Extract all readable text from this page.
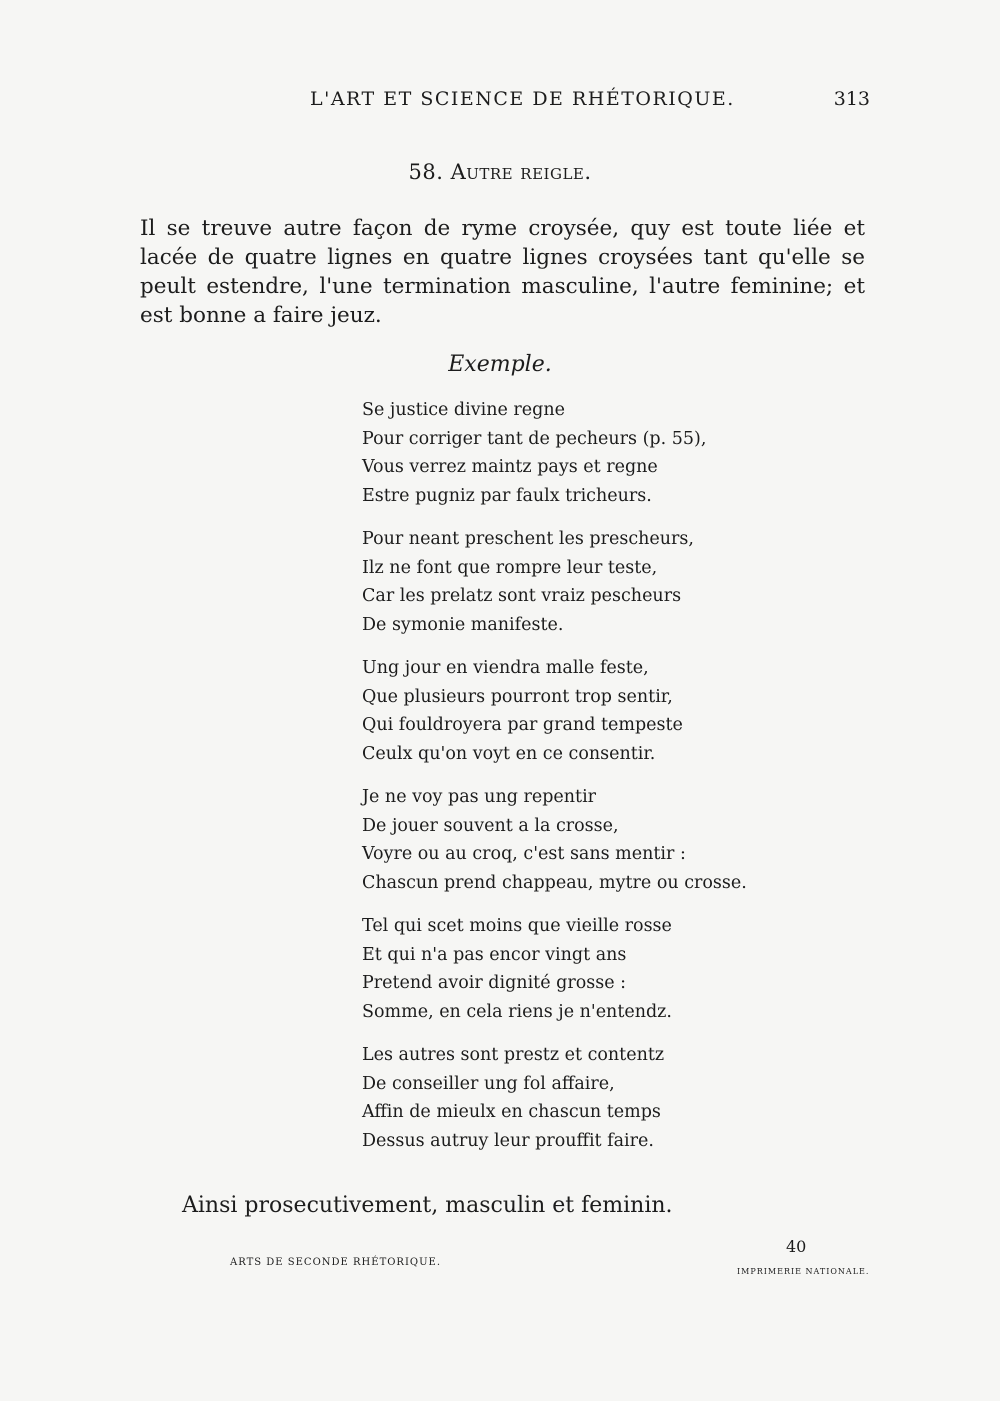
L'ART ET SCIENCE DE RHÉTORIQUE.	313
58. Autre reigle.

Il se treuve autre façon de ryme croysée, quy est toute liée et lacée de quatre lignes en quatre lignes croysées tant qu'elle se peult estendre, l'une termination masculine, l'autre feminine; et est bonne a faire jeuz.

Exemple.
Se justice divine regne
Pour corriger tant de pecheurs (p. 55),
Vous verrez maintz pays et regne
Estre pugniz par faulx tricheurs.
Pour neant preschent les prescheurs,
Ilz ne font que rompre leur teste,
Car les prelatz sont vraiz pescheurs
De symonie manifeste.
Ung jour en viendra malle feste,
Que plusieurs pourront trop sentir,
Qui fouldroyera par grand tempeste
Ceulx qu'on voyt en ce consentir.
Je ne voy pas ung repentir
De jouer souvent a la crosse,
Voyre ou au croq, c'est sans mentir :
Chascun prend chappeau, mytre ou crosse.
Tel qui scet moins que vieille rosse
Et qui n'a pas encor vingt ans
Pretend avoir dignité grosse :
Somme, en cela riens je n'entendz.
Les autres sont prestz et contentz
De conseiller ung fol affaire,
Affin de mieulx en chascun temps
Dessus autruy leur prouffit faire.
Ainsi prosecutivement, masculin et feminin.
40
ARTS DE SECONDE RHÉTORIQUE.
IMPRIMERIE NATIONALE.
